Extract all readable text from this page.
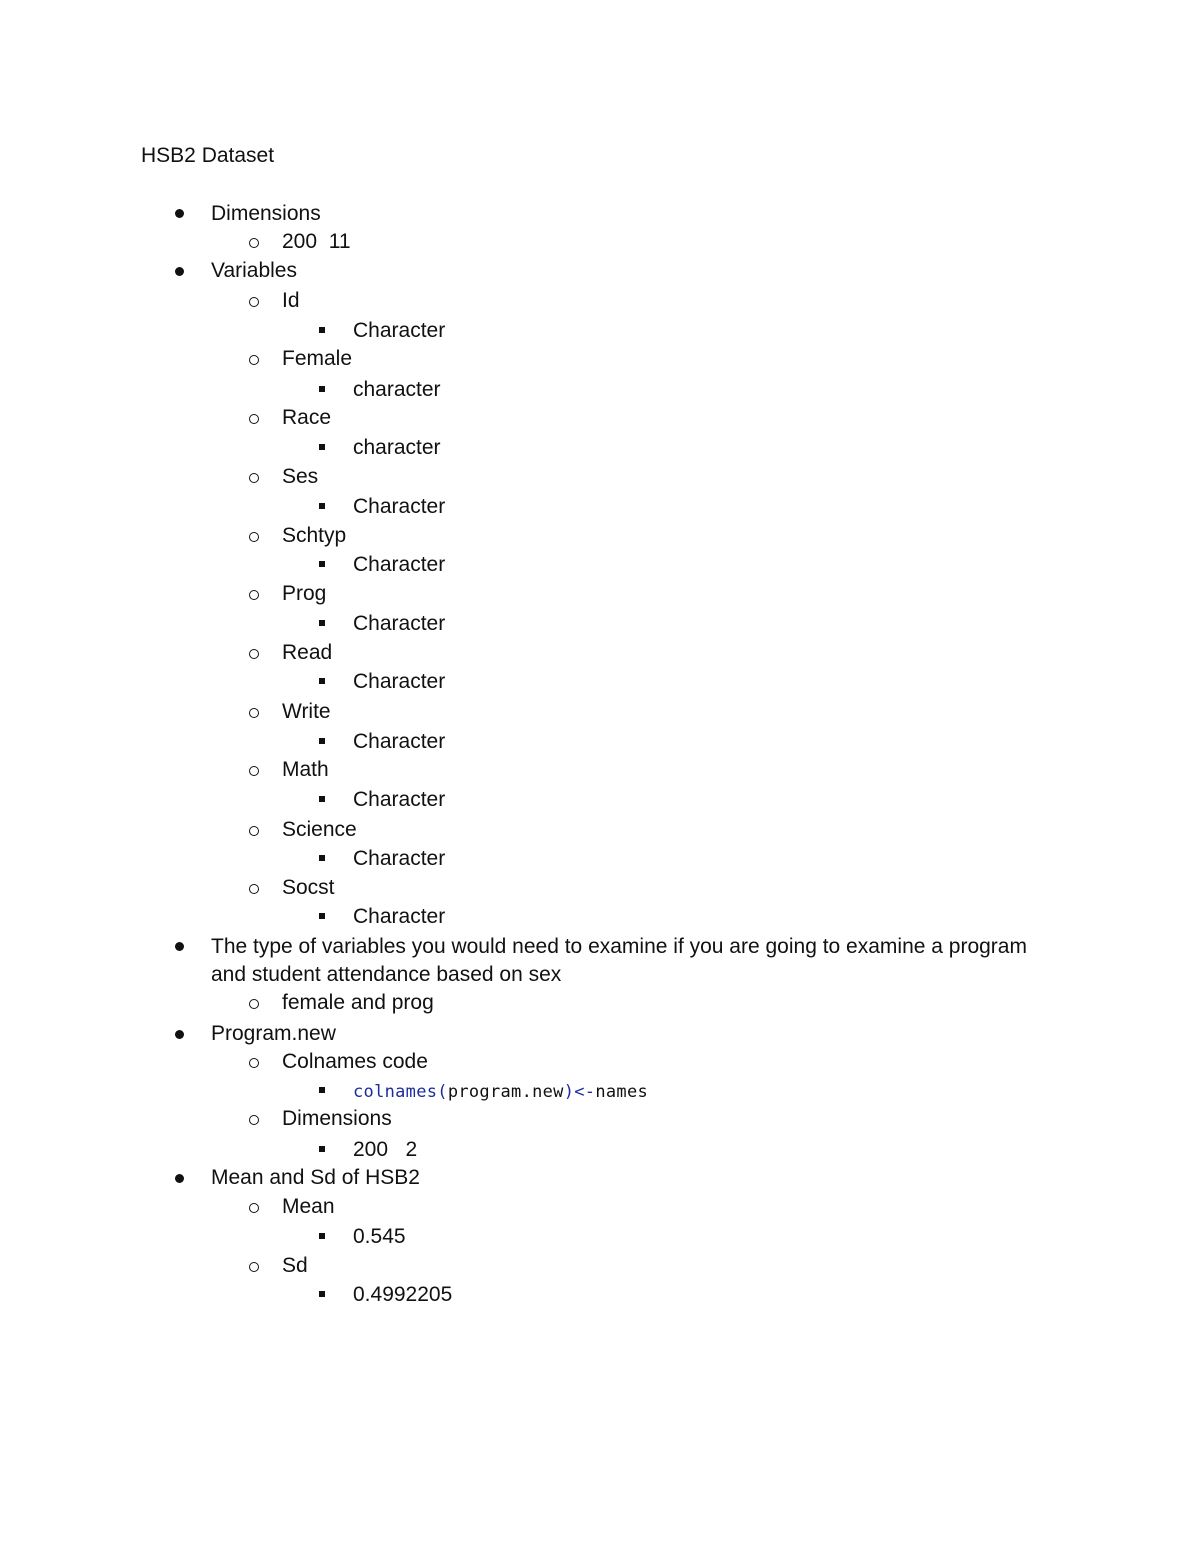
HSB2 Dataset
Dimensions
200  11
Variables
Id
Character
Female
character
Race
character
Ses
Character
Schtyp
Character
Prog
Character
Read
Character
Write
Character
Math
Character
Science
Character
Socst
Character
The type of variables you would need to examine if you are going to examine a program
and student attendance based on sex
female and prog
Program.new
Colnames code
colnames(program.new)<-names
Dimensions
200   2
Mean and Sd of HSB2
Mean
0.545
Sd
0.4992205
